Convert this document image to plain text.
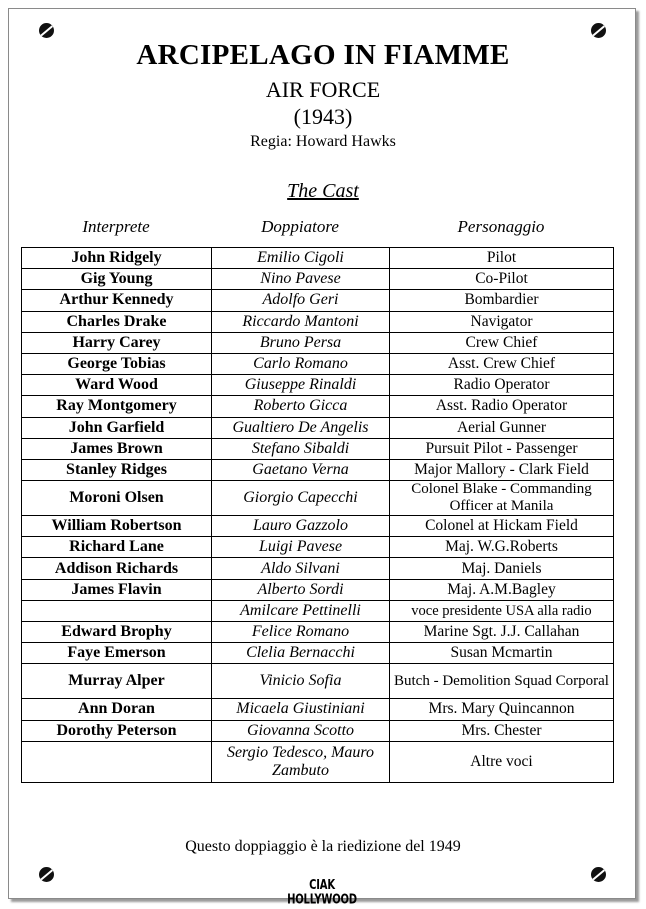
ARCIPELAGO IN FIAMME
AIR FORCE
(1943)
Regia: Howard Hawks
The Cast
Interprete	Doppiatore	Personaggio
John Ridgely	Emilio Cigoli	Pilot
Gig Young	Nino Pavese	Co-Pilot
Arthur Kennedy	Adolfo Geri	Bombardier
Charles Drake	Riccardo Mantoni	Navigator
Harry Carey	Bruno Persa	Crew Chief
George Tobias	Carlo Romano	Asst. Crew Chief
Ward Wood	Giuseppe Rinaldi	Radio Operator
Ray Montgomery	Roberto Gicca	Asst. Radio Operator
John Garfield	Gualtiero De Angelis	Aerial Gunner
James Brown	Stefano Sibaldi	Pursuit Pilot - Passenger
Stanley Ridges	Gaetano Verna	Major Mallory - Clark Field
Moroni Olsen	Giorgio Capecchi	Colonel Blake - Commanding Officer at Manila
William Robertson	Lauro Gazzolo	Colonel at Hickam Field
Richard Lane	Luigi Pavese	Maj. W.G.Roberts
Addison Richards	Aldo Silvani	Maj. Daniels
James Flavin	Alberto Sordi	Maj. A.M.Bagley
	Amilcare Pettinelli	voce presidente USA alla radio
Edward Brophy	Felice Romano	Marine Sgt. J.J. Callahan
Faye Emerson	Clelia Bernacchi	Susan Mcmartin
Murray Alper	Vinicio Sofia	Butch - Demolition Squad Corporal
Ann Doran	Micaela Giustiniani	Mrs. Mary Quincannon
Dorothy Peterson	Giovanna Scotto	Mrs. Chester
	Sergio Tedesco, Mauro Zambuto	Altre voci
Questo doppiaggio è la riedizione del 1949
CIAK HOLLYWOOD
